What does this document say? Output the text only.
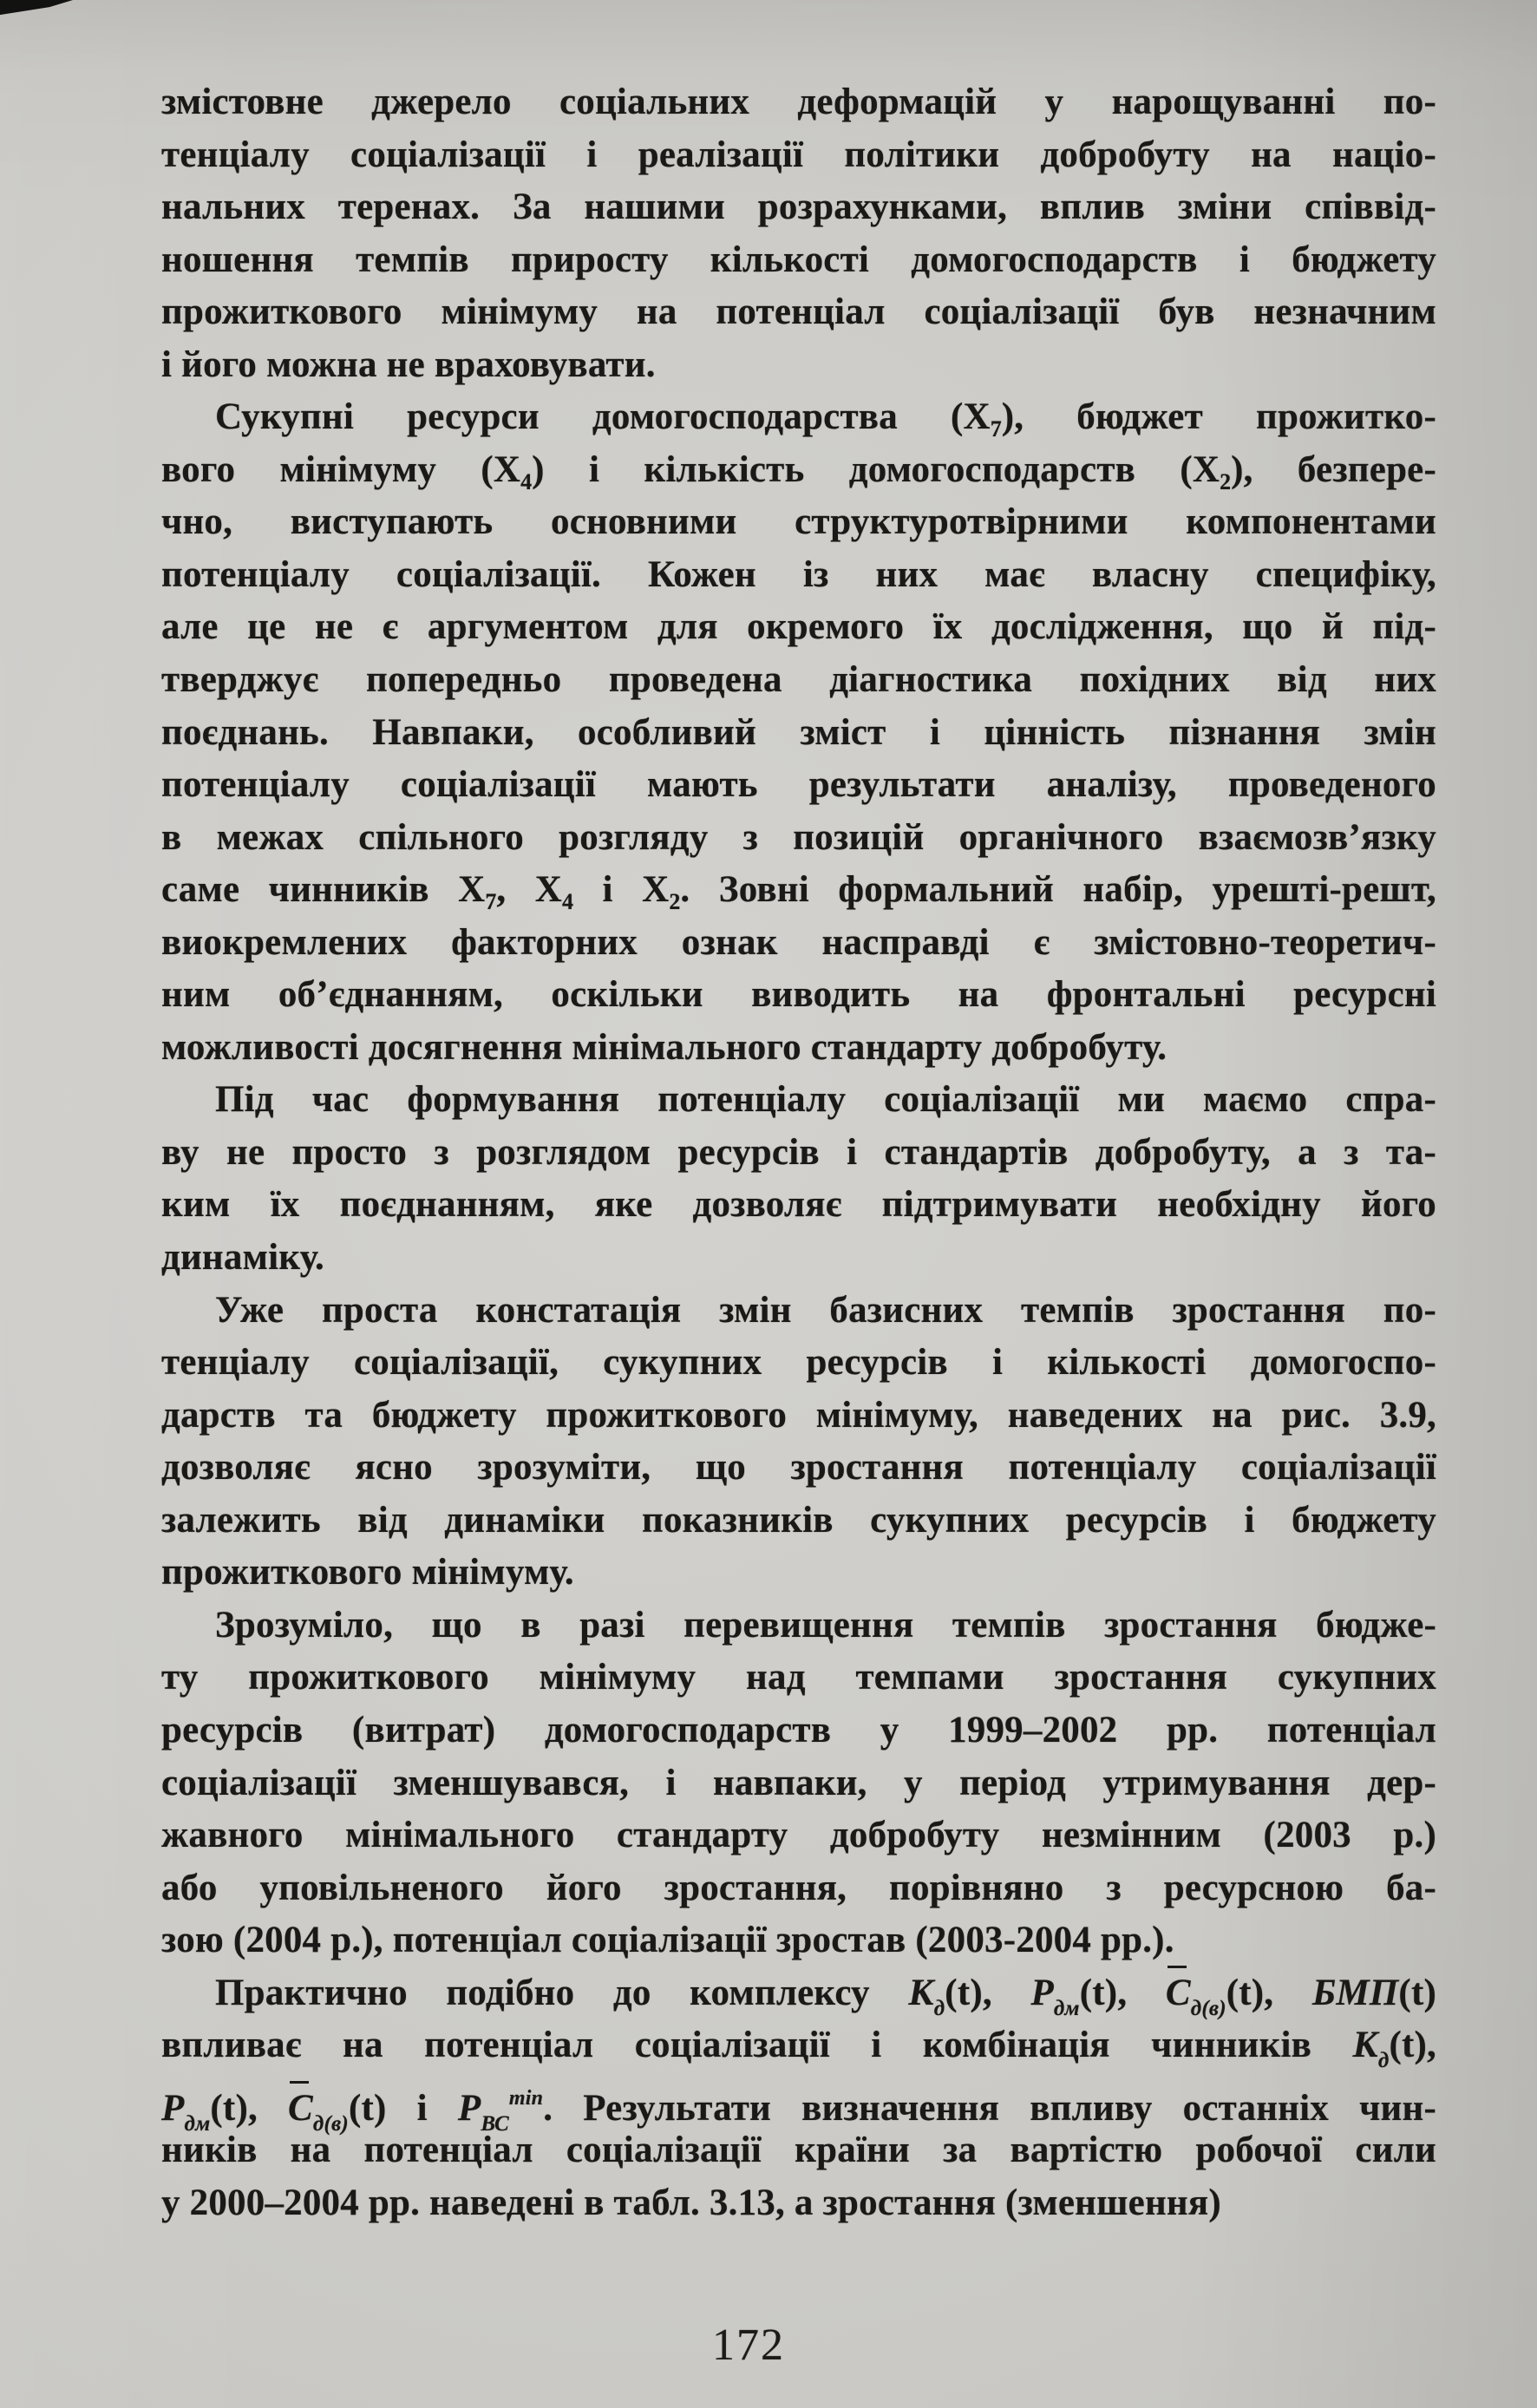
змістовне джерело соціальних деформацій у нарощуванні по-
тенціалу соціалізації і реалізації політики добробуту на націо-
нальних теренах. За нашими розрахунками, вплив зміни співвід-
ношення темпів приросту кількості домогосподарств і бюджету
прожиткового мінімуму на потенціал соціалізації був незначним
і його можна не враховувати.
Сукупні ресурси домогосподарства $(Х_7)$, бюджет прожитко-
вого мінімуму $(Х_4)$ і кількість домогосподарств $(Х_2)$, безпере-
чно, виступають основними структуротвірними компонентами
потенціалу соціалізації. Кожен із них має власну специфіку,
але це не є аргументом для окремого їх дослідження, що й під-
тверджує попередньо проведена діагностика похідних від них
поєднань. Навпаки, особливий зміст і цінність пізнання змін
потенціалу соціалізації мають результати аналізу, проведеного
в межах спільного розгляду з позицій органічного взаємозв’язку
саме чинників $Х_7$, $Х_4$ і $Х_2$. Зовні формальний набір, урешті-решт,
виокремлених факторних ознак насправді є змістовно-теоретич-
ним об’єднанням, оскільки виводить на фронтальні ресурсні
можливості досягнення мінімального стандарту добробуту.
Під час формування потенціалу соціалізації ми маємо спра-
ву не просто з розглядом ресурсів і стандартів добробуту, а з та-
ким їх поєднанням, яке дозволяє підтримувати необхідну його
динаміку.
Уже проста констатація змін базисних темпів зростання по-
тенціалу соціалізації, сукупних ресурсів і кількості домогоспо-
дарств та бюджету прожиткового мінімуму, наведених на рис. 3.9,
дозволяє ясно зрозуміти, що зростання потенціалу соціалізації
залежить від динаміки показників сукупних ресурсів і бюджету
прожиткового мінімуму.
Зрозуміло, що в разі перевищення темпів зростання бюдже-
ту прожиткового мінімуму над темпами зростання сукупних
ресурсів (витрат) домогосподарств у 1999–2002 рр. потенціал
соціалізації зменшувався, і навпаки, у період утримування дер-
жавного мінімального стандарту добробуту незмінним (2003 р.)
або уповільненого його зростання, порівняно з ресурсною ба-
зою (2004 р.), потенціал соціалізації зростав (2003-2004 рр.).
Практично подібно до комплексу $К_д(t)$, $Р_{дм}(t)$, $С_{д(в)}(t)$, БМП(t)
впливає на потенціал соціалізації і комбінація чинників $К_д(t)$,
$Р_{дм}(t)$, $С_{д(в)}(t)$ і $Р_{ВС}^{min}$. Результати визначення впливу останніх чин-
ників на потенціал соціалізації країни за вартістю робочої сили
у 2000–2004 рр. наведені в табл. 3.13, а зростання (зменшення)
172
